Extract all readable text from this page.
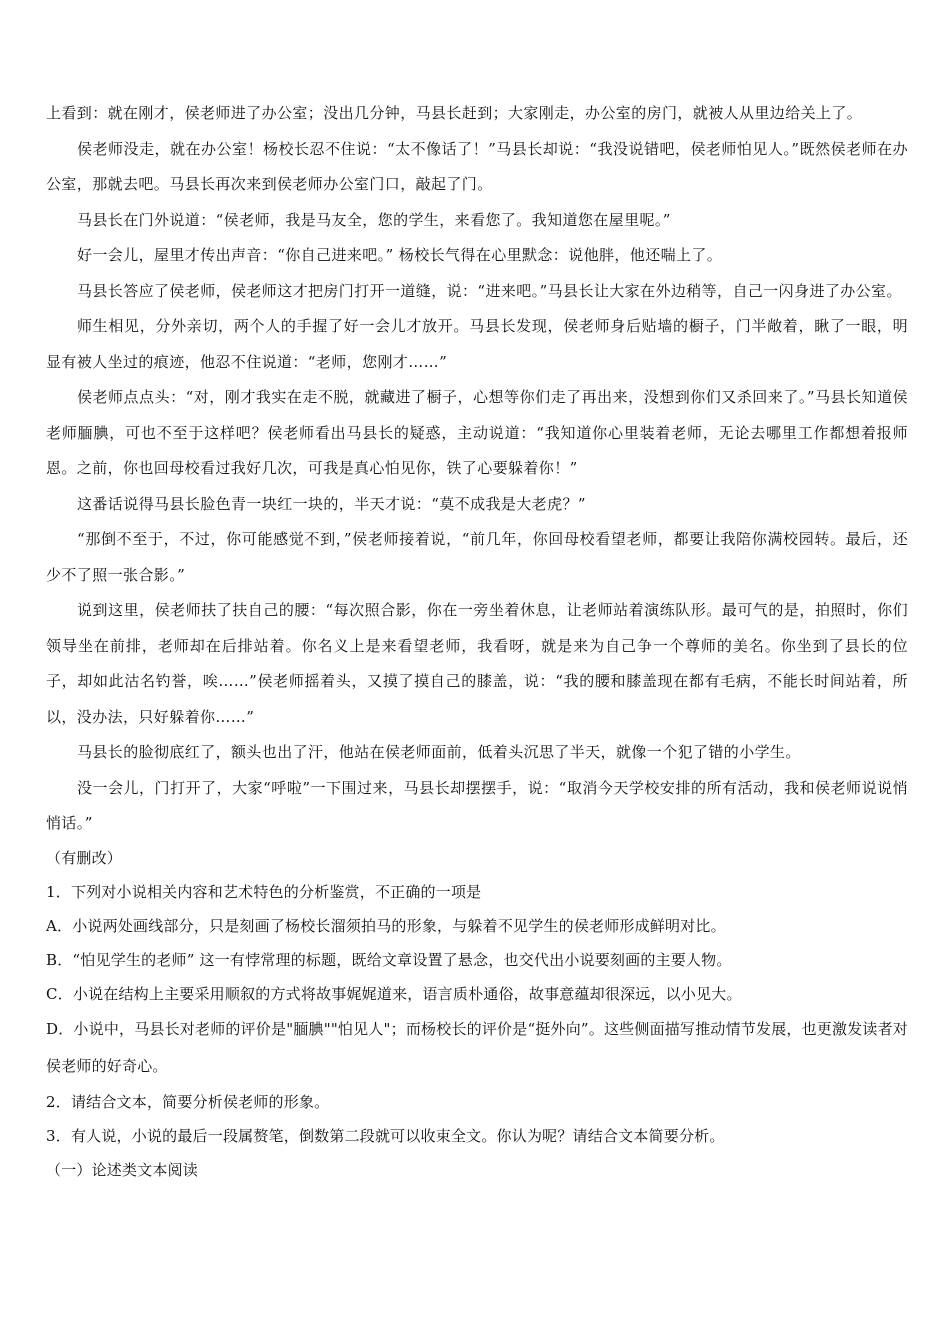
上看到：就在刚才，侯老师进了办公室；没出几分钟，马县长赶到；大家刚走，办公室的房门，就被人从里边给关上了。

侯老师没走，就在办公室！杨校长忍不住说：“太不像话了！”马县长却说：“我没说错吧，侯老师怕见人。”既然侯老师在办公室，那就去吧。马县长再次来到侯老师办公室门口，敲起了门。

马县长在门外说道：“侯老师，我是马友全，您的学生，来看您了。我知道您在屋里呢。”

好一会儿，屋里才传出声音：“你自己进来吧。” 杨校长气得在心里默念：说他胖，他还喘上了。

马县长答应了侯老师，侯老师这才把房门打开一道缝，说：“进来吧。”马县长让大家在外边稍等，自己一闪身进了办公室。

师生相见，分外亲切，两个人的手握了好一会儿才放开。马县长发现，侯老师身后贴墙的橱子，门半敞着，瞅了一眼，明显有被人坐过的痕迹，他忍不住说道：“老师，您刚才……”

侯老师点点头：“对，刚才我实在走不脱，就藏进了橱子，心想等你们走了再出来，没想到你们又杀回来了。”马县长知道侯老师腼腆，可也不至于这样吧？侯老师看出马县长的疑惑，主动说道：“我知道你心里装着老师，无论去哪里工作都想着报师恩。之前，你也回母校看过我好几次，可我是真心怕见你，铁了心要躲着你！”

这番话说得马县长脸色青一块红一块的，半天才说：“莫不成我是大老虎？”

“那倒不至于，不过，你可能感觉不到，”侯老师接着说，“前几年，你回母校看望老师，都要让我陪你满校园转。最后，还少不了照一张合影。”

说到这里，侯老师扶了扶自己的腰：“每次照合影，你在一旁坐着休息，让老师站着演练队形。最可气的是，拍照时，你们领导坐在前排，老师却在后排站着。你名义上是来看望老师，我看呀，就是来为自己争一个尊师的美名。你坐到了县长的位子，却如此沽名钓誉，唉……”侯老师摇着头，又摸了摸自己的膝盖，说：“我的腰和膝盖现在都有毛病，不能长时间站着，所以，没办法，只好躲着你……”

马县长的脸彻底红了，额头也出了汗，他站在侯老师面前，低着头沉思了半天，就像一个犯了错的小学生。

没一会儿，门打开了，大家“呼啦”一下围过来，马县长却摆摆手，说：“取消今天学校安排的所有活动，我和侯老师说说悄悄话。”

（有删改）

1．下列对小说相关内容和艺术特色的分析鉴赏，不正确的一项是

A．小说两处画线部分，只是刻画了杨校长溜须拍马的形象，与躲着不见学生的侯老师形成鲜明对比。

B．“怕见学生的老师” 这一有悖常理的标题，既给文章设置了悬念，也交代出小说要刻画的主要人物。

C．小说在结构上主要采用顺叙的方式将故事娓娓道来，语言质朴通俗，故事意蕴却很深远，以小见大。

D．小说中，马县长对老师的评价是"腼腆""怕见人"；而杨校长的评价是“挺外向”。这些侧面描写推动情节发展，也更激发读者对侯老师的好奇心。

2．请结合文本，简要分析侯老师的形象。

3．有人说，小说的最后一段属赘笔，倒数第二段就可以收束全文。你认为呢？请结合文本简要分析。

（一）论述类文本阅读
